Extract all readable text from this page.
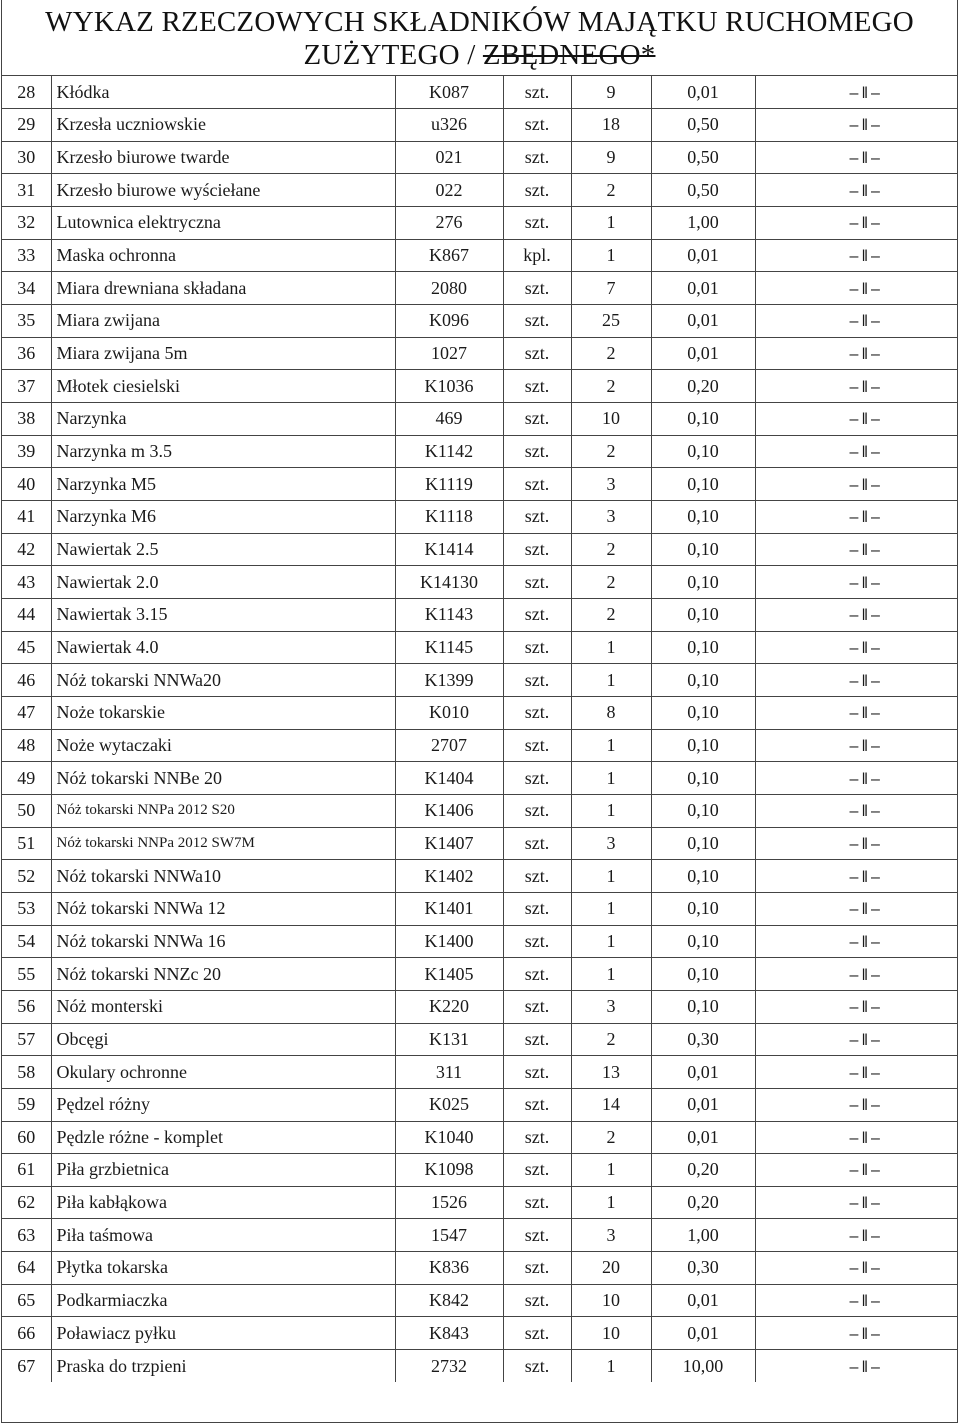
WYKAZ RZECZOWYCH SKŁADNIKÓW MAJĄTKU RUCHOMEGO
ZUŻYTEGO / ZBĘDNEGO*
28	Kłódka	K087	szt.	9	0,01	–‖–
29	Krzesła uczniowskie	u326	szt.	18	0,50	–‖–
30	Krzesło biurowe twarde	021	szt.	9	0,50	–‖–
31	Krzesło biurowe wyściełane	022	szt.	2	0,50	–‖–
32	Lutownica elektryczna	276	szt.	1	1,00	–‖–
33	Maska ochronna	K867	kpl.	1	0,01	–‖–
34	Miara drewniana składana	2080	szt.	7	0,01	–‖–
35	Miara zwijana	K096	szt.	25	0,01	–‖–
36	Miara zwijana 5m	1027	szt.	2	0,01	–‖–
37	Młotek ciesielski	K1036	szt.	2	0,20	–‖–
38	Narzynka	469	szt.	10	0,10	–‖–
39	Narzynka m 3.5	K1142	szt.	2	0,10	–‖–
40	Narzynka M5	K1119	szt.	3	0,10	–‖–
41	Narzynka M6	K1118	szt.	3	0,10	–‖–
42	Nawiertak 2.5	K1414	szt.	2	0,10	–‖–
43	Nawiertak 2.0	K14130	szt.	2	0,10	–‖–
44	Nawiertak 3.15	K1143	szt.	2	0,10	–‖–
45	Nawiertak 4.0	K1145	szt.	1	0,10	–‖–
46	Nóż tokarski NNWa20	K1399	szt.	1	0,10	–‖–
47	Noże tokarskie	K010	szt.	8	0,10	–‖–
48	Noże wytaczaki	2707	szt.	1	0,10	–‖–
49	Nóż tokarski NNBe 20	K1404	szt.	1	0,10	–‖–
50	Nóż tokarski NNPa 2012 S20	K1406	szt.	1	0,10	–‖–
51	Nóż tokarski NNPa 2012 SW7M	K1407	szt.	3	0,10	–‖–
52	Nóż tokarski NNWa10	K1402	szt.	1	0,10	–‖–
53	Nóż tokarski NNWa 12	K1401	szt.	1	0,10	–‖–
54	Nóż tokarski NNWa 16	K1400	szt.	1	0,10	–‖–
55	Nóż tokarski NNZc 20	K1405	szt.	1	0,10	–‖–
56	Nóż monterski	K220	szt.	3	0,10	–‖–
57	Obcęgi	K131	szt.	2	0,30	–‖–
58	Okulary ochronne	311	szt.	13	0,01	–‖–
59	Pędzel różny	K025	szt.	14	0,01	–‖–
60	Pędzle różne - komplet	K1040	szt.	2	0,01	–‖–
61	Piła grzbietnica	K1098	szt.	1	0,20	–‖–
62	Piła kabłąkowa	1526	szt.	1	0,20	–‖–
63	Piła taśmowa	1547	szt.	3	1,00	–‖–
64	Płytka tokarska	K836	szt.	20	0,30	–‖–
65	Podkarmiaczka	K842	szt.	10	0,01	–‖–
66	Poławiacz pyłku	K843	szt.	10	0,01	–‖–
67	Praska do trzpieni	2732	szt.	1	10,00	–‖–
